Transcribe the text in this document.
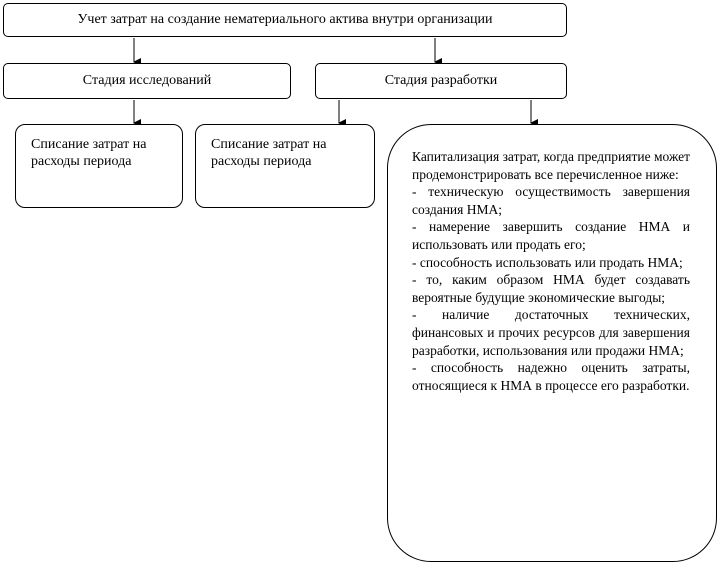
Учет затрат на создание нематериального актива внутри организации
Стадия исследований	Стадия разработки
Списание затрат на расходы периода
Списание затрат на расходы периода	Капитализация затрат, когда предприятие может продемонстрировать все перечисленное ниже:
- техническую осуществимость завершения создания НМА;
- намерение завершить создание НМА и использовать или продать его;
- способность использовать или продать НМА;
- то, каким образом НМА будет создавать вероятные будущие экономические выгоды;
- наличие достаточных технических, финансовых и прочих ресурсов для завершения разработки, использования или продажи НМА;
- способность надежно оценить затраты, относящиеся к НМА в процессе его разработки.
